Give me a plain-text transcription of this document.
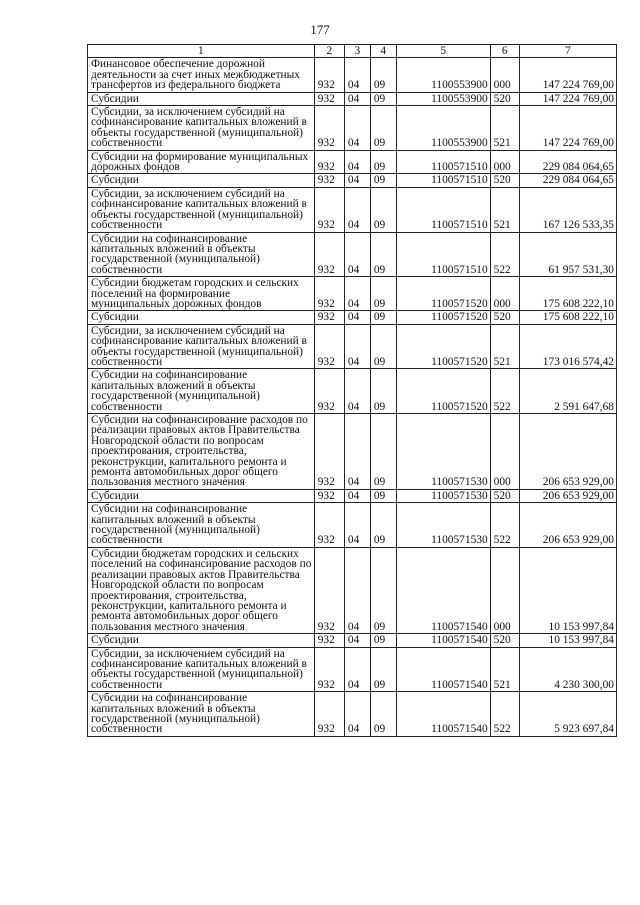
177
1	2	3	4	5	6	7
Финансовое обеспечение дорожной деятельности за счет иных межбюджетных трансфертов из федерального бюджета	932	04	09	1100553900	000	147 224 769,00
Субсидии	932	04	09	1100553900	520	147 224 769,00
Субсидии, за исключением субсидий на софинансирование капитальных вложений в объекты государственной (муниципальной) собственности	932	04	09	1100553900	521	147 224 769,00
Субсидии на формирование муниципальных дорожных фондов	932	04	09	1100571510	000	229 084 064,65
Субсидии	932	04	09	1100571510	520	229 084 064,65
Субсидии, за исключением субсидий на софинансирование капитальных вложений в объекты государственной (муниципальной) собственности	932	04	09	1100571510	521	167 126 533,35
Субсидии на софинансирование капитальных вложений в объекты государственной (муниципальной) собственности	932	04	09	1100571510	522	61 957 531,30
Субсидии бюджетам городских и сельских поселений на формирование муниципальных дорожных фондов	932	04	09	1100571520	000	175 608 222,10
Субсидии	932	04	09	1100571520	520	175 608 222,10
Субсидии, за исключением субсидий на софинансирование капитальных вложений в объекты государственной (муниципальной) собственности	932	04	09	1100571520	521	173 016 574,42
Субсидии на софинансирование капитальных вложений в объекты государственной (муниципальной) собственности	932	04	09	1100571520	522	2 591 647,68
Субсидии на софинансирование расходов по реализации правовых актов Правительства Новгородской области по вопросам проектирования, строительства, реконструкции, капитального ремонта и ремонта автомобильных дорог общего пользования местного значения	932	04	09	1100571530	000	206 653 929,00
Субсидии	932	04	09	1100571530	520	206 653 929,00
Субсидии на софинансирование капитальных вложений в объекты государственной (муниципальной) собственности	932	04	09	1100571530	522	206 653 929,00
Субсидии бюджетам городских и сельских поселений на софинансирование расходов по реализации правовых актов Правительства Новгородской области по вопросам проектирования, строительства, реконструкции, капитального ремонта и ремонта автомобильных дорог общего пользования местного значения	932	04	09	1100571540	000	10 153 997,84
Субсидии	932	04	09	1100571540	520	10 153 997,84
Субсидии, за исключением субсидий на софинансирование капитальных вложений в объекты государственной (муниципальной) собственности	932	04	09	1100571540	521	4 230 300,00
Субсидии на софинансирование капитальных вложений в объекты государственной (муниципальной) собственности	932	04	09	1100571540	522	5 923 697,84
